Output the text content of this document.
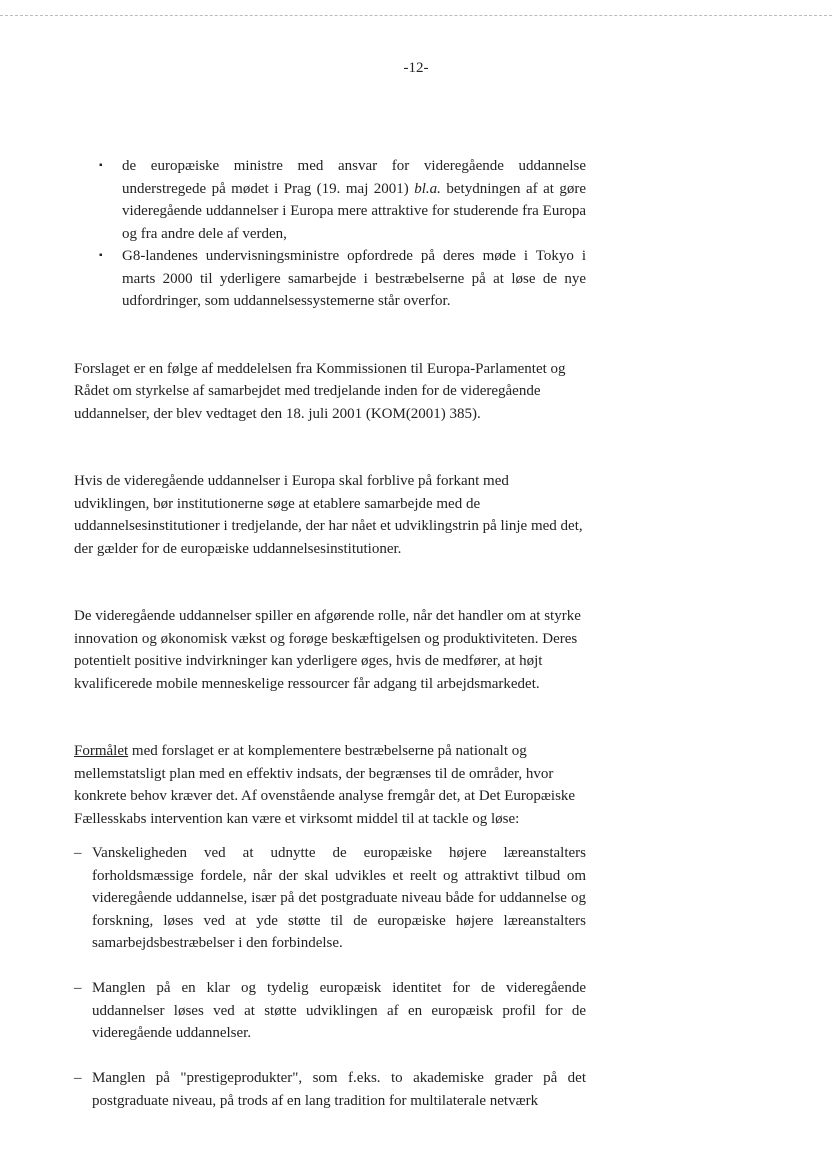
-12-
▪ de europæiske ministre med ansvar for videregående uddannelse understregede på mødet i Prag (19. maj 2001) bl.a. betydningen af at gøre videregående uddannelser i Europa mere attraktive for studerende fra Europa og fra andre dele af verden,
▪ G8-landenes undervisningsministre opfordrede på deres møde i Tokyo i marts 2000 til yderligere samarbejde i bestræbelserne på at løse de nye udfordringer, som uddannelsessystemerne står overfor.

Forslaget er en følge af meddelelsen fra Kommissionen til Europa-Parlamentet og Rådet om styrkelse af samarbejdet med tredjelande inden for de videregående uddannelser, der blev vedtaget den 18. juli 2001 (KOM(2001) 385).

Hvis de videregående uddannelser i Europa skal forblive på forkant med udviklingen, bør institutionerne søge at etablere samarbejde med de uddannelsesinstitutioner i tredjelande, der har nået et udviklingstrin på linje med det, der gælder for de europæiske uddannelsesinstitutioner.

De videregående uddannelser spiller en afgørende rolle, når det handler om at styrke innovation og økonomisk vækst og forøge beskæftigelsen og produktiviteten. Deres potentielt positive indvirkninger kan yderligere øges, hvis de medfører, at højt kvalificerede mobile menneskelige ressourcer får adgang til arbejdsmarkedet.

Formålet med forslaget er at komplementere bestræbelserne på nationalt og mellemstatsligt plan med en effektiv indsats, der begrænses til de områder, hvor konkrete behov kræver det. Af ovenstående analyse fremgår det, at Det Europæiske Fællesskabs intervention kan være et virksomt middel til at tackle og løse:

– Vanskeligheden ved at udnytte de europæiske højere læreanstalters forholdsmæssige fordele, når der skal udvikles et reelt og attraktivt tilbud om videregående uddannelse, især på det postgraduate niveau både for uddannelse og forskning, løses ved at yde støtte til de europæiske højere læreanstalters samarbejdsbestræbelser i den forbindelse.
– Manglen på en klar og tydelig europæisk identitet for de videregående uddannelser løses ved at støtte udviklingen af en europæisk profil for de videregående uddannelser.
– Manglen på "prestigeprodukter", som f.eks. to akademiske grader på det postgraduate niveau, på trods af en lang tradition for multilaterale netværk
